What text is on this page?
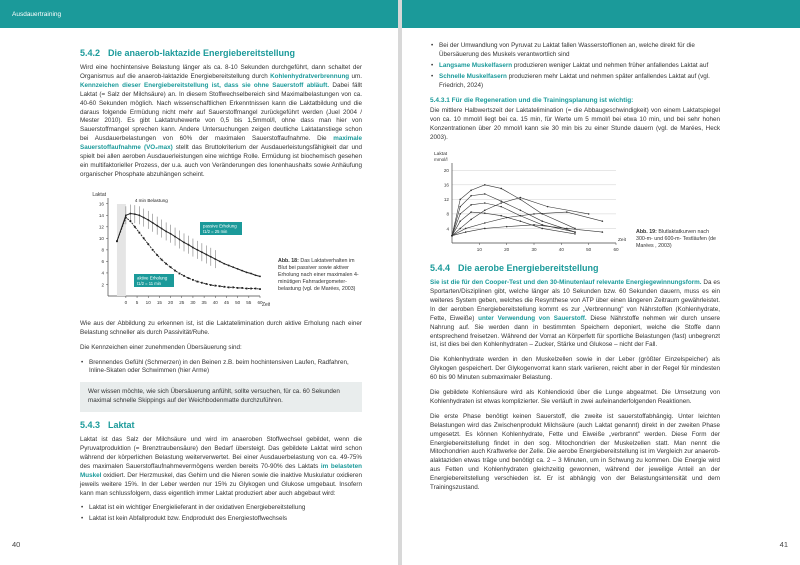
Ausdauertraining
5.4.2 Die anaerob-laktazide Energiebereitstellung

Wird eine hochintensive Belastung länger als ca. 8-10 Sekunden durchgeführt, dann schaltet der Organismus auf die anaerob-laktazide Energiebereitstellung durch Kohlenhydratverbrennung um. Kennzeichen dieser Energiebereitstellung ist, dass sie ohne Sauerstoff abläuft. Dabei fällt Laktat (= Salz der Milchsäure) an. In diesem Stoffwechselbereich sind Maximalbelastungen von ca. 40-60 Sekunden möglich. Nach wissenschaftlichen Erkenntnissen kann die Laktatbildung und die daraus folgende Ermüdung nicht mehr auf Sauerstoffmangel zurückgeführt werden (Juel 2004 / Mester 2010). Es gibt Laktatruhewerte von 0,5 bis 1,5mmol/l, ohne dass man hier von Sauerstoffmangel sprechen kann. Andere Untersuchungen zeigen deutliche Laktatanstiege schon bei Ausdauerbelastungen von 60% der maximalen Sauerstoffaufnahme. Die maximale Sauerstoffaufnahme (VO₂max) stellt das Bruttokriterium der Ausdauerleistungsfähigkeit dar und spielt bei allen aeroben Ausdauerleistungen eine wichtige Rolle. Ermüdung ist biochemisch gesehen ein multifaktorieller Prozess, der u.a. auch von Veränderungen des Ionenhaushalts sowie Anhäufung organischer Phosphate abzuhängen scheint.

Laktat
Zeit
2
4
6
8
10
12
14
16
0 5 10 15 20 25 30 35 40 45 50 55 60
4 min Belastung
passive Erholung
t1/2 = 25 min
aktive Erholung
t1/2 = 11 min
Abb. 18: Das Laktatverhalten im Blut bei passiver sowie aktiver Erholung nach einer maximalen 4-minütigen Fahrradergometer-belastung (vgl. de Marées, 2003)

Wie aus der Abbildung zu erkennen ist, ist die Laktatelimination durch aktive Erholung nach einer Belastung schneller als durch Passivität/Ruhe.

Die Kennzeichen einer zunehmenden Übersäuerung sind:

• Brennendes Gefühl (Schmerzen) in den Beinen z.B. beim hochintensiven Laufen, Radfahren, Inline-Skaten oder Schwimmen (hier Arme)
Wer wissen möchte, wie sich Übersäuerung anfühlt, sollte versuchen, für ca. 60 Sekunden maximal schnelle Skippings auf der Weichbodenmatte durchzuführen.
5.4.3 Laktat

Laktat ist das Salz der Milchsäure und wird im anaeroben Stoffwechsel gebildet, wenn die Pyruvatproduktion (= Brenztraubensäure) den Bedarf übersteigt. Das gebildete Laktat wird schon während der körperlichen Belastung weiterverwertet. Bei einer Ausdauerbelastung von ca. 49-75% des maximalen Sauerstoffaufnahmevermögens werden bereits 70-90% des Laktats im belasteten Muskel oxidiert. Der Herzmuskel, das Gehirn und die Nieren sowie die inaktive Muskulatur oxidieren jeweils weitere 15%. In der Leber werden nur 15% zu Glykogen und Glukose umgebaut. Insofern kann man schlussfolgern, dass eigentlich immer Laktat produziert aber auch abgebaut wird:

• Laktat ist ein wichtiger Energielieferant in der oxidativen Energiebereitstellung
• Laktat ist kein Abfallprodukt bzw. Endprodukt des Energiestoffwechsels
40
• Bei der Umwandlung von Pyruvat zu Laktat fallen Wasserstoffionen an, welche direkt für die Übersäuerung des Muskels verantwortlich sind
• Langsame Muskelfasern produzieren weniger Laktat und nehmen früher anfallendes Laktat auf
• Schnelle Muskelfasern produzieren mehr Laktat und nehmen später anfallendes Laktat auf (vgl. Friedrich, 2024)
5.4.3.1 Für die Regeneration und die Trainingsplanung ist wichtig:

Die mittlere Halbwertszeit der Laktatelimination (= die Abbaugeschwindigkeit) von einem Laktatspiegel von ca. 10 mmol/l liegt bei ca. 15 min, für Werte um 5 mmol/l bei etwa 10 min, und bei sehr hohen Konzentrationen über 20 mmol/l kann sie 30 min bis zu einer Stunde dauern (vgl. de Marées, Heck 2003).

Laktat
mmol/l
4
8
12
16
20
10	20	30	40	50	60
Zeit
Abb. 19: Blutlaktatkurven nach 300-m- und 600-m- Testläufen (de Marées , 2003)
5.4.4 Die aerobe Energiebereitstellung

Sie ist die für den Cooper-Test und den 30-Minutenlauf relevante Energiegewinnungsform. Da es Sportarten/Disziplinen gibt, welche länger als 10 Sekunden bzw. 60 Sekunden dauern, muss es ein weiteres System geben, welches die Resynthese von ATP über einen längeren Zeitraum gewährleistet. In der aeroben Energiebereitstellung kommt es zur „Verbrennung" von Nährstoffen (Kohlenhydrate, Fette, Eiweiße) unter Verwendung von Sauerstoff. Diese Nährstoffe nehmen wir durch unsere Nahrung auf. Sie werden dann in bestimmten Speichern deponiert, welche die Stoffe dann entsprechend freisetzen. Während der Vorrat an Körperfett für sportliche Belastungen (fast) unbegrenzt ist, ist dies bei den Kohlenhydraten – Zucker, Stärke und Glukose – nicht der Fall.

Die Kohlenhydrate werden in den Muskelzellen sowie in der Leber (größter Einzelspeicher) als Glykogen gespeichert. Der Glykogenvorrat kann stark variieren, reicht aber in der Regel für mindesten 60 bis 90 Minuten submaximaler Belastung.

Die gebildete Kohlensäure wird als Kohlendioxid über die Lunge abgeatmet. Die Umsetzung von Kohlenhydraten ist etwas komplizierter. Sie verläuft in zwei aufeinanderfolgenden Reaktionen.

Die erste Phase benötigt keinen Sauerstoff, die zweite ist sauerstoffabhängig. Unter leichten Belastungen wird das Zwischenprodukt Milchsäure (auch Laktat genannt) direkt in der zweiten Phase umgesetzt. Es können Kohlenhydrate, Fette und Eiweiße „verbrannt" werden. Diese Form der Energiebereitstellung findet in den sog. Mitochondrien der Muskelzellen statt. Man nennt die Mitochondrien auch Kraftwerke der Zelle. Die aerobe Energiebereitstellung ist im Vergleich zur anaerob-alaktaziden etwas träge und benötigt ca. 2 – 3 Minuten, um in Schwung zu kommen. Die Energie wird aus Fetten und Kohlenhydraten gleichzeitig gewonnen, während der jeweilige Anteil an der Energiebereitstellung verschieden ist. Er ist abhängig von der Belastungsintensität und dem Trainingszustand.

41
